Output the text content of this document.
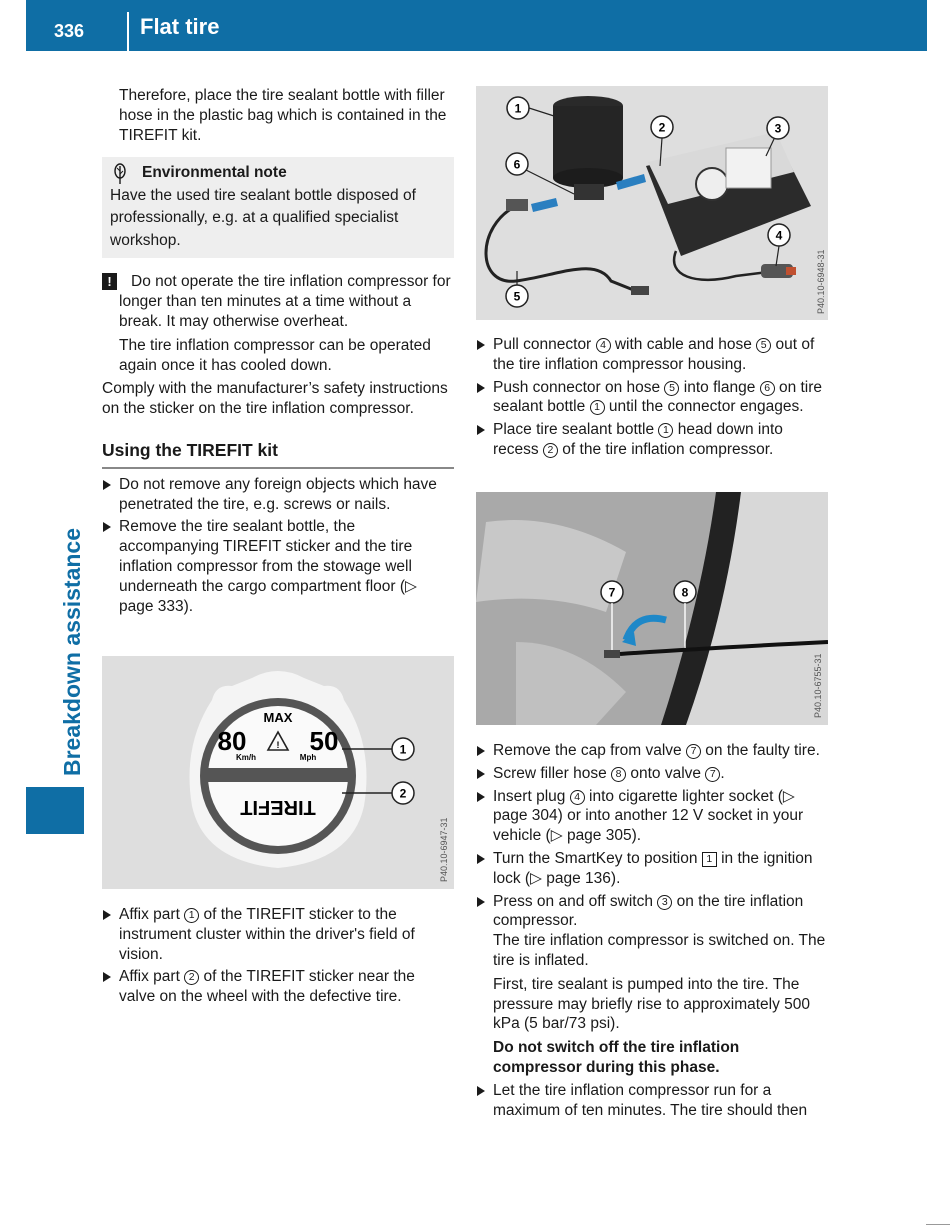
336	Flat tire
Breakdown assistance

Therefore, place the tire sealant bottle with filler hose in the plastic bag which is contained in the TIREFIT kit.

Environmental note

Have the used tire sealant bottle disposed of professionally, e.g. at a qualified specialist workshop.

!	Do not operate the tire inflation compressor for longer than ten minutes at a time without a break. It may otherwise overheat.

The tire inflation compressor can be operated again once it has cooled down.

Comply with the manufacturer’s safety instructions on the sticker on the tire inflation compressor.

Using the TIREFIT kit

Do not remove any foreign objects which have penetrated the tire, e.g. screws or nails.

Remove the tire sealant bottle, the accompanying TIREFIT sticker and the tire inflation compressor from the stowage well underneath the cargo compartment floor (▷ page 333).

Affix part 1 of the TIREFIT sticker to the instrument cluster within the driver's field of vision.

Affix part 2 of the TIREFIT sticker near the valve on the wheel with the defective tire.

1
2	3
4
5
6
P40.10-6948-31
MAX
80	! 50
Km/h	Mph
TIREFIT
1
2
P40.10-6947-31
7	8
P40.10-6755-31

Pull connector 4 with cable and hose 5 out of the tire inflation compressor housing.

Push connector on hose 5 into flange 6 on tire sealant bottle 1 until the connector engages.

Place tire sealant bottle 1 head down into recess 2 of the tire inflation compressor.

Remove the cap from valve 7 on the faulty tire.

Screw filler hose 8 onto valve 7 .

Insert plug 4 into cigarette lighter socket (▷ page 304) or into another 12 V socket in your vehicle (▷ page 305).

Turn the SmartKey to position 1 in the ignition lock (▷ page 136).

Press on and off switch 3 on the tire inflation compressor.

The tire inflation compressor is switched on. The tire is inflated.

First, tire sealant is pumped into the tire. The pressure may briefly rise to approximately 500 kPa (5 bar/73 psi).

Do not switch off the tire inflation compressor during this phase.

Let the tire inflation compressor run for a maximum of ten minutes. The tire should then
